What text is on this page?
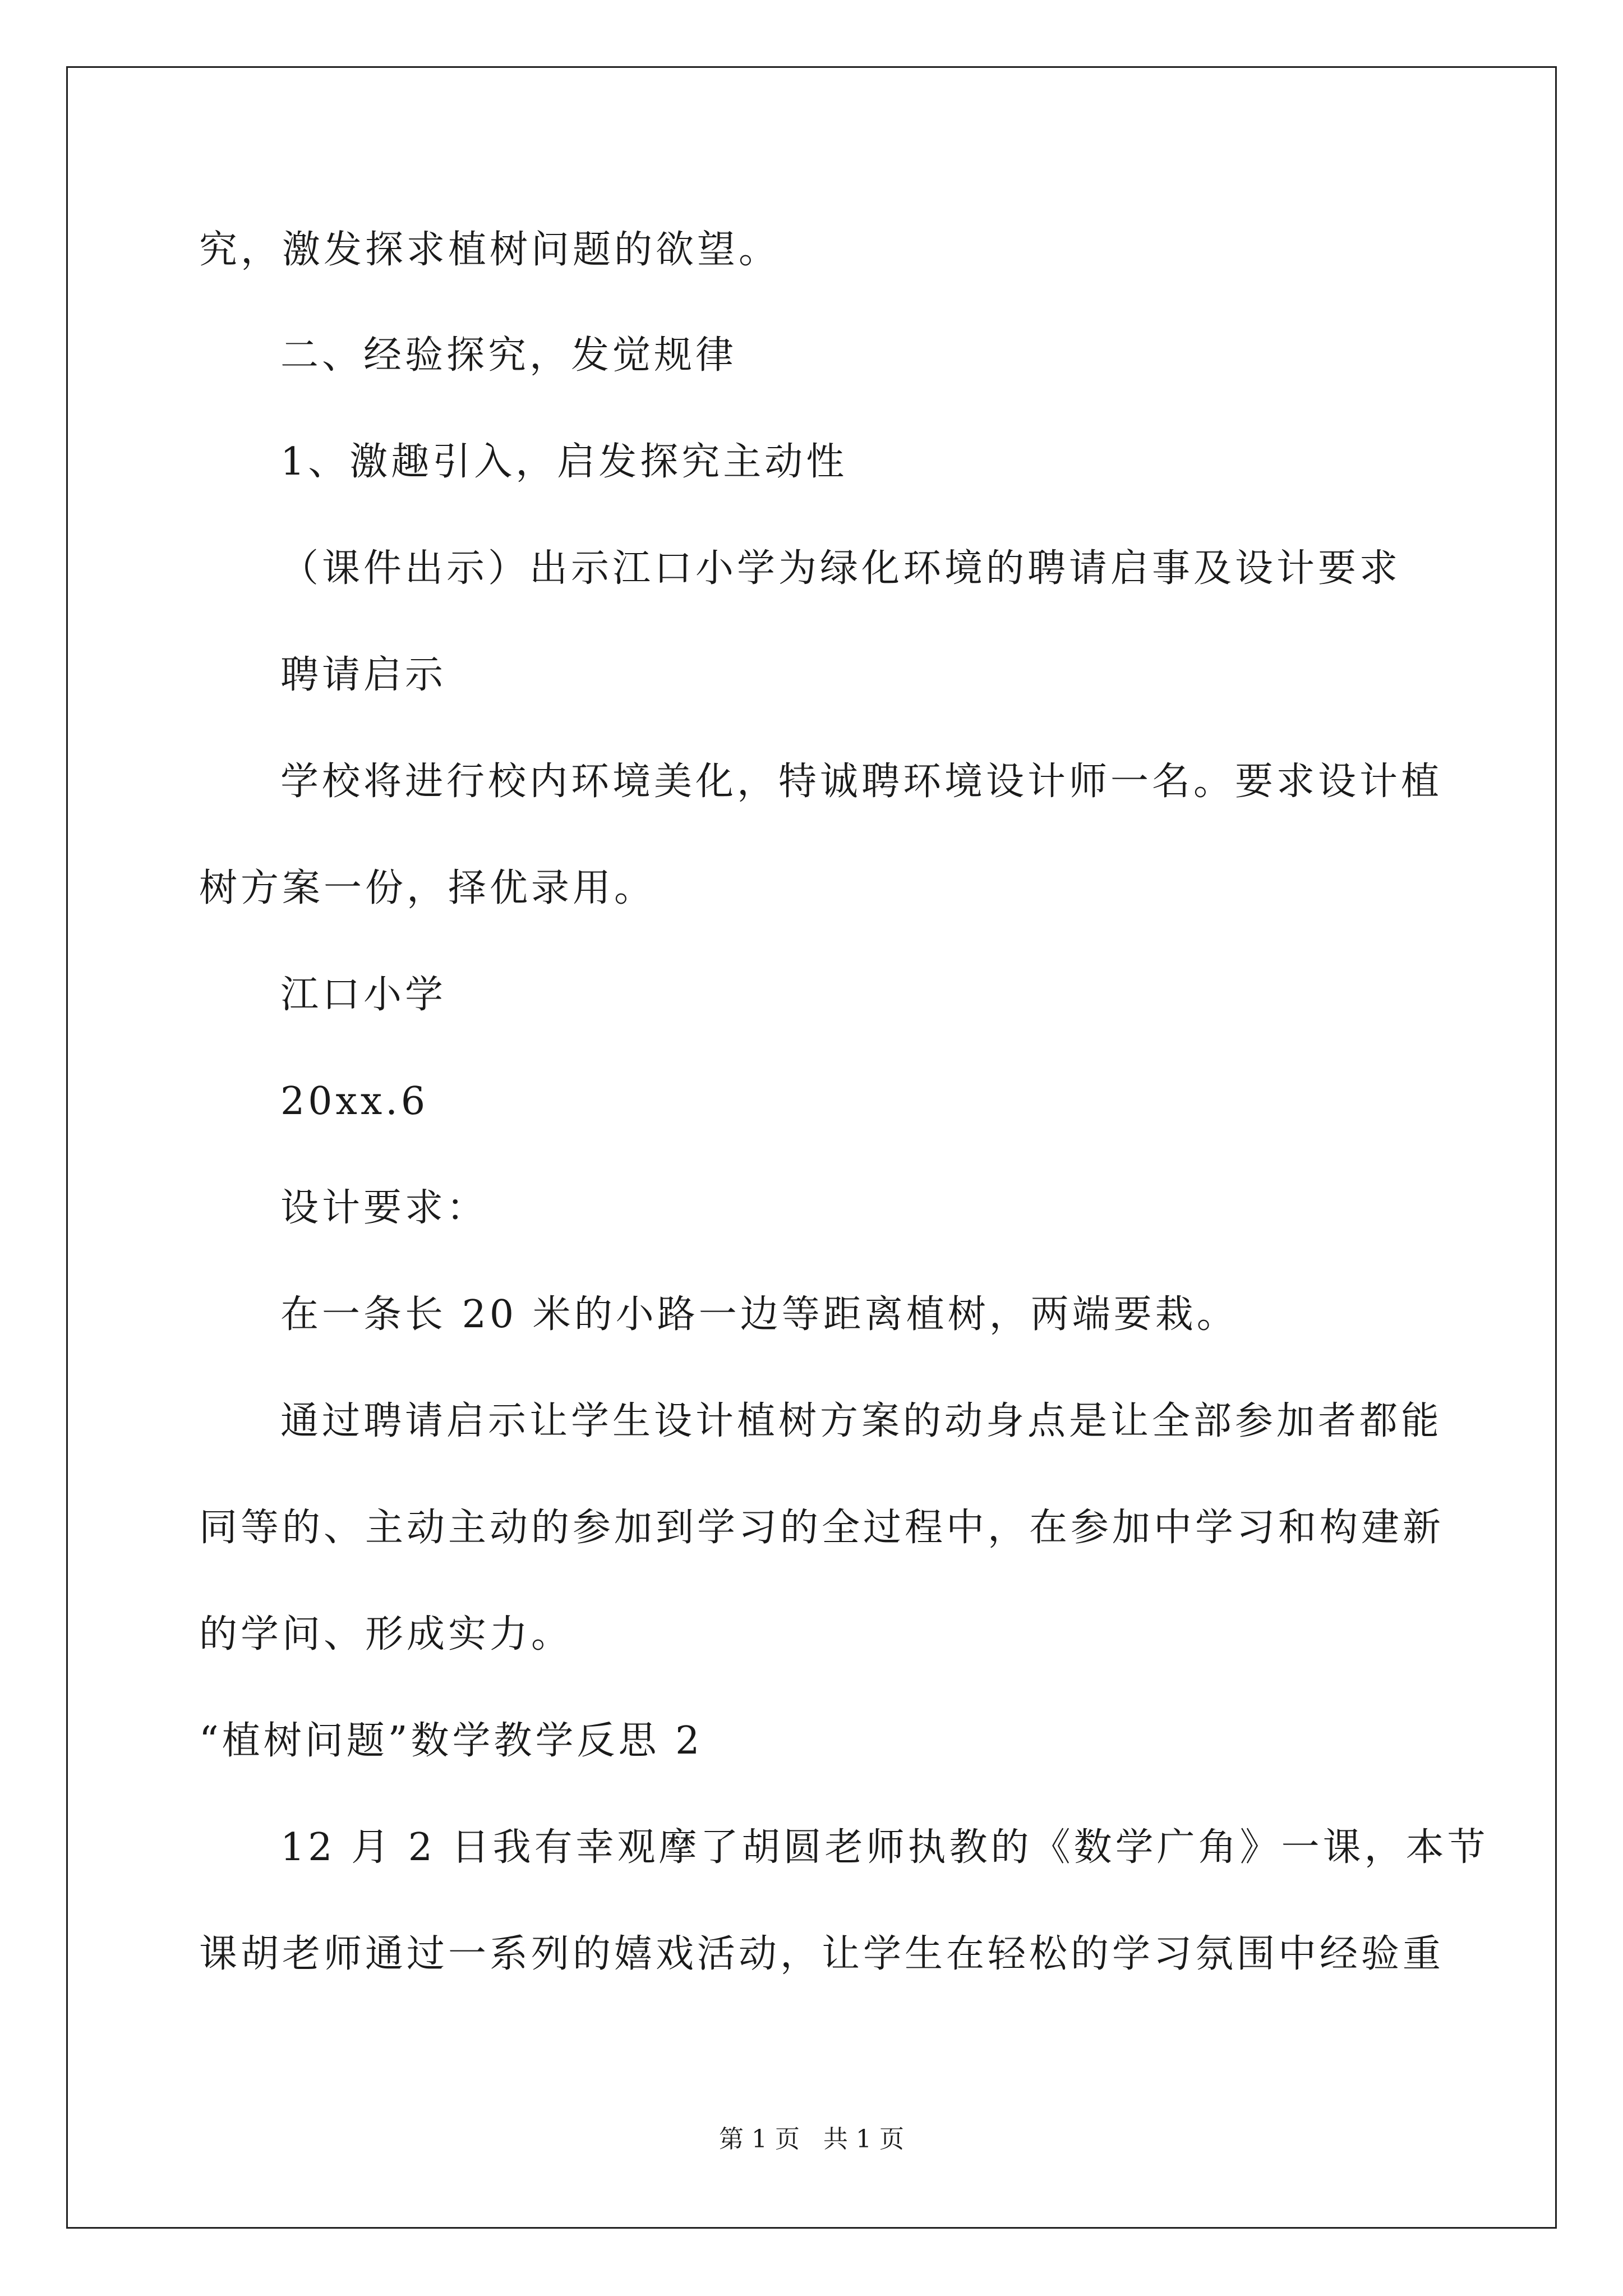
究，激发探求植树问题的欲望。
二、经验探究，发觉规律
1、激趣引入，启发探究主动性
（课件出示）出示江口小学为绿化环境的聘请启事及设计要求
聘请启示
学校将进行校内环境美化，特诚聘环境设计师一名。要求设计植
树方案一份，择优录用。
江口小学
20xx.6
设计要求：
在一条长 20 米的小路一边等距离植树，两端要栽。
通过聘请启示让学生设计植树方案的动身点是让全部参加者都能
同等的、主动主动的参加到学习的全过程中，在参加中学习和构建新
的学问、形成实力。
“植树问题”数学教学反思 2
12 月 2 日我有幸观摩了胡圆老师执教的《数学广角》一课，本节
课胡老师通过一系列的嬉戏活动，让学生在轻松的学习氛围中经验重
第 1 页   共 1 页
